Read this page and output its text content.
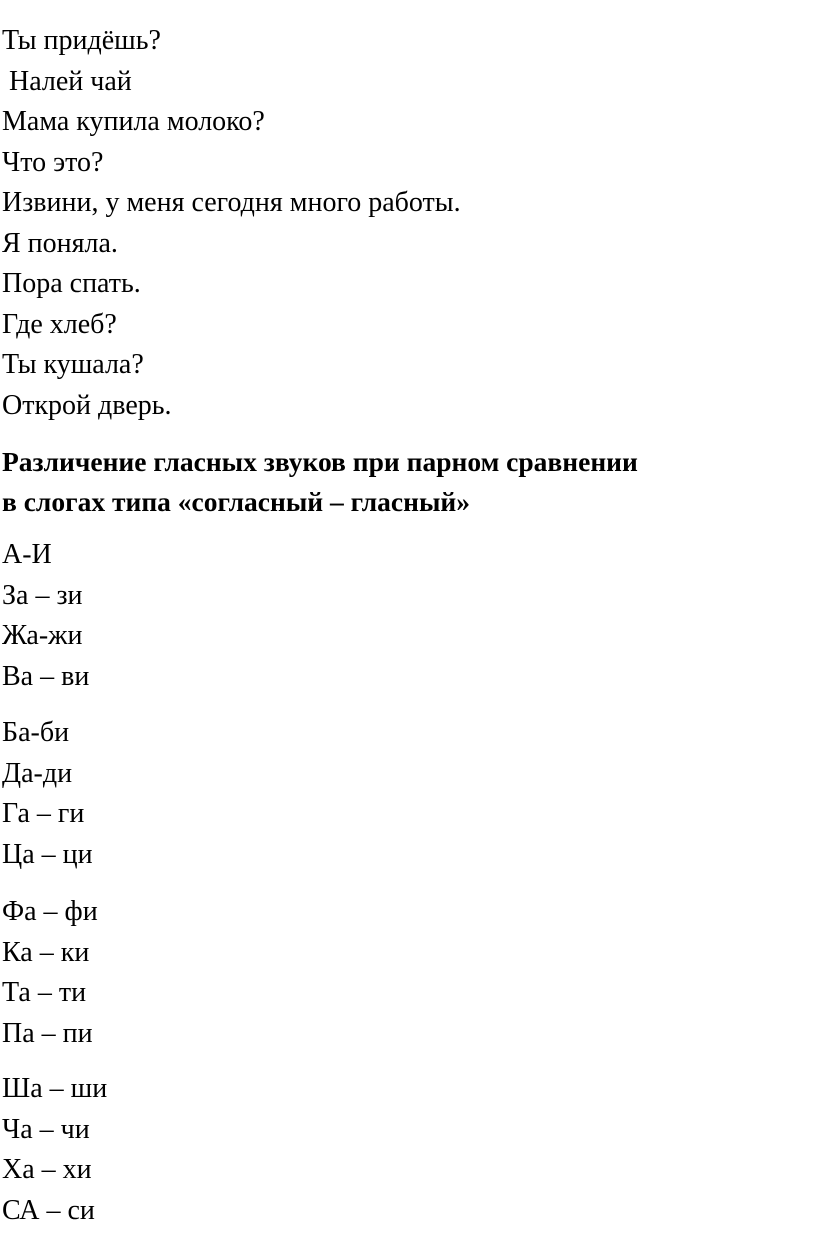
Ты придёшь?

Налей чай

Мама купила молоко?

Что это?

Извини, у меня сегодня много работы.

Я поняла.

Пора спать.

Где хлеб?

Ты кушала?

Открой дверь.

Различение гласных звуков при парном сравнении
в слогах типа «согласный – гласный»

А-И

За – зи

Жа-жи

Ва – ви

Ба-би

Да-ди

Га – ги

Ца – ци

Фа – фи

Ка – ки

Та – ти

Па – пи

Ша – ши

Ча – чи

Ха – хи

СА – си
